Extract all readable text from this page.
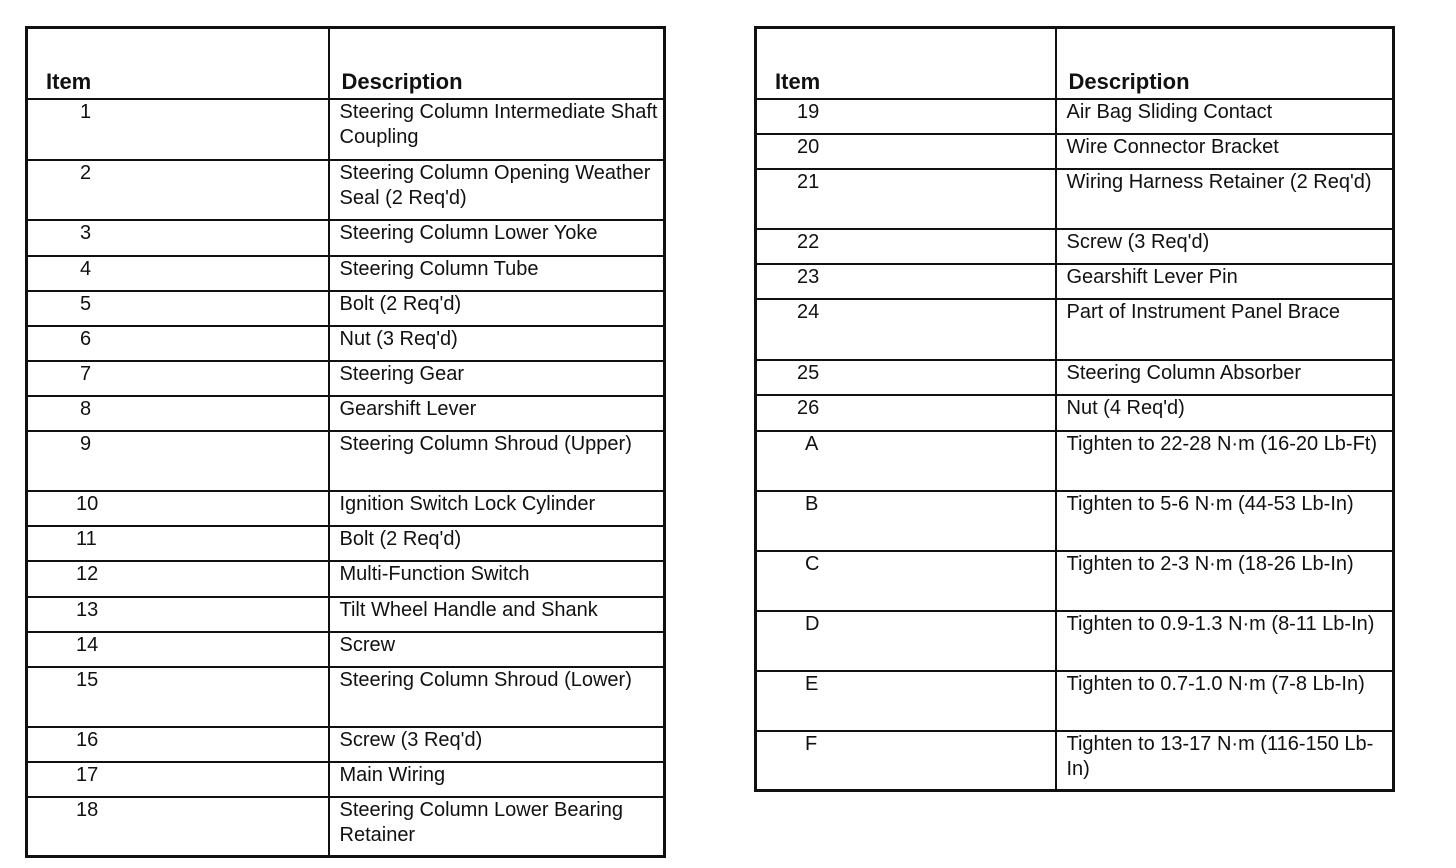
Item	Description
1	Steering Column Intermediate Shaft Coupling
2	Steering Column Opening Weather Seal (2 Req'd)
3	Steering Column Lower Yoke
4	Steering Column Tube
5	Bolt (2 Req'd)
6	Nut (3 Req'd)
7	Steering Gear
8	Gearshift Lever
9	Steering Column Shroud (Upper)
10	Ignition Switch Lock Cylinder
11	Bolt (2 Req'd)
12	Multi-Function Switch
13	Tilt Wheel Handle and Shank
14	Screw
15	Steering Column Shroud (Lower)
16	Screw (3 Req'd)
17	Main Wiring
18	Steering Column Lower Bearing Retainer
Item	Description
19	Air Bag Sliding Contact
20	Wire Connector Bracket
21	Wiring Harness Retainer (2 Req'd)
22	Screw (3 Req'd)
23	Gearshift Lever Pin
24	Part of Instrument Panel Brace
25	Steering Column Absorber
26	Nut (4 Req'd)
A	Tighten to 22-28 N·m (16-20 Lb-Ft)
B	Tighten to 5-6 N·m (44-53 Lb-In)
C	Tighten to 2-3 N·m (18-26 Lb-In)
D	Tighten to 0.9-1.3 N·m (8-11 Lb-In)
E	Tighten to 0.7-1.0 N·m (7-8 Lb-In)
F	Tighten to 13-17 N·m (116-150 Lb-In)
